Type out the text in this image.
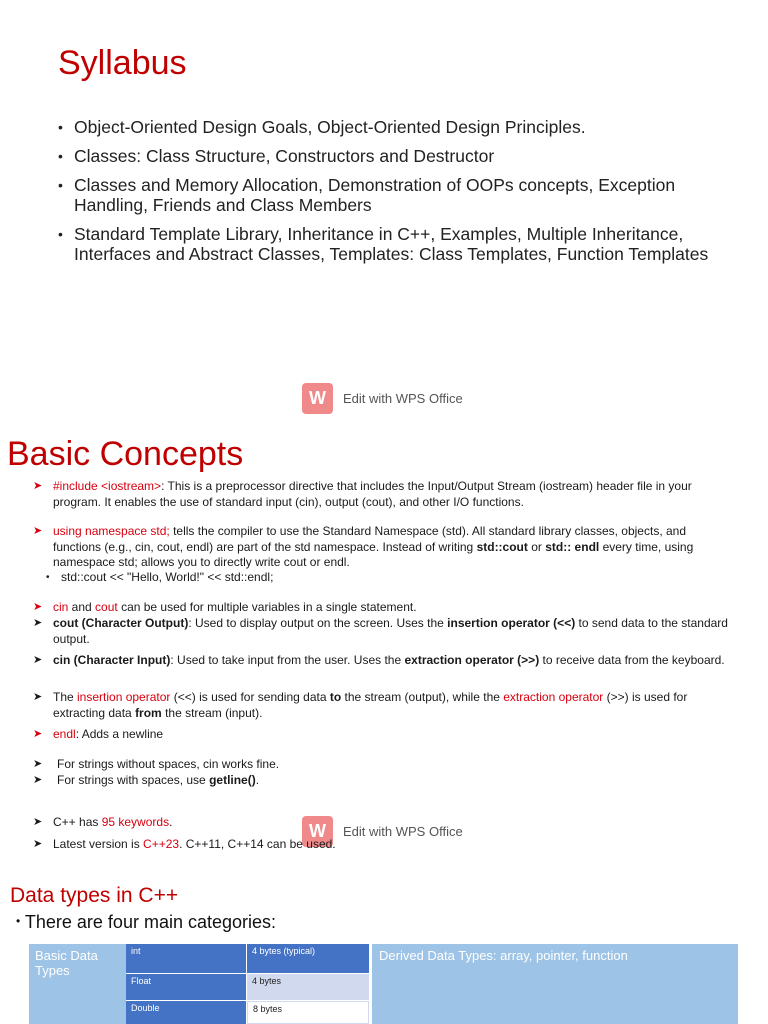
Syllabus
• Object-Oriented Design Goals, Object-Oriented Design Principles.
• Classes: Class Structure, Constructors and Destructor
• Classes and Memory Allocation, Demonstration of OOPs concepts, Exception Handling, Friends and Class Members
• Standard Template Library, Inheritance in C++, Examples, Multiple Inheritance, Interfaces and Abstract Classes, Templates: Class Templates, Function Templates
W	Edit with WPS Office
Basic Concepts
➤ #include <iostream>: This is a preprocessor directive that includes the Input/Output Stream (iostream) header file in your program. It enables the use of standard input (cin), output (cout), and other I/O functions.
➤ using namespace std; tells the compiler to use the Standard Namespace (std). All standard library classes, objects, and functions (e.g., cin, cout, endl) are part of the std namespace. Instead of writing std::cout or std:: endl every time, using namespace std; allows you to directly write cout or endl.
• std::cout << "Hello, World!" << std::endl;
➤ cin and cout can be used for multiple variables in a single statement.
➤ cout (Character Output): Used to display output on the screen. Uses the insertion operator (<<) to send data to the standard output.
➤ cin (Character Input): Used to take input from the user. Uses the extraction operator (>>) to receive data from the keyboard.
➤ The insertion operator (<<) is used for sending data to the stream (output), while the extraction operator (>>) is used for extracting data from the stream (input).
➤ endl: Adds a newline
➤	For strings without spaces, cin works fine.
➤	For strings with spaces, use getline().
➤ C++ has 95 keywords.	W	Edit with WPS Office
➤ Latest version is C++23. C++11, C++14 can be used.
Data types in C++
• There are four main categories:
Basic Data Types
int	4 bytes (typical)
Float	4 bytes
Double	8 bytes
Derived Data Types: array, pointer, function
